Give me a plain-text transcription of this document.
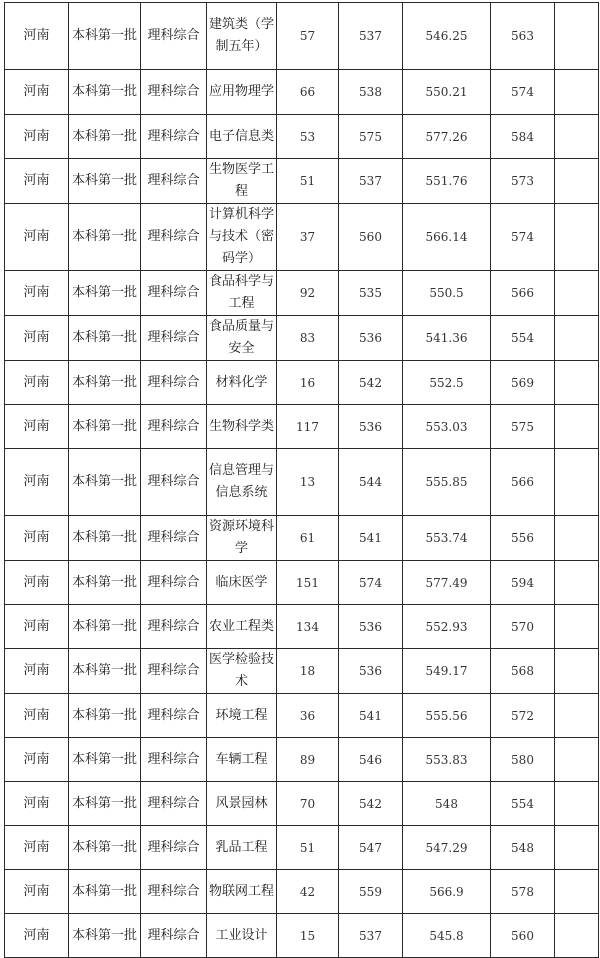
河南	本科第一批	理科综合	建筑类（学制五年）	57	537	546.25	563	
河南	本科第一批	理科综合	应用物理学	66	538	550.21	574	
河南	本科第一批	理科综合	电子信息类	53	575	577.26	584	
河南	本科第一批	理科综合	生物医学工程	51	537	551.76	573	
河南	本科第一批	理科综合	计算机科学与技术（密码学）	37	560	566.14	574	
河南	本科第一批	理科综合	食品科学与工程	92	535	550.5	566	
河南	本科第一批	理科综合	食品质量与安全	83	536	541.36	554	
河南	本科第一批	理科综合	材料化学	16	542	552.5	569	
河南	本科第一批	理科综合	生物科学类	117	536	553.03	575	
河南	本科第一批	理科综合	信息管理与信息系统	13	544	555.85	566	
河南	本科第一批	理科综合	资源环境科学	61	541	553.74	556	
河南	本科第一批	理科综合	临床医学	151	574	577.49	594	
河南	本科第一批	理科综合	农业工程类	134	536	552.93	570	
河南	本科第一批	理科综合	医学检验技术	18	536	549.17	568	
河南	本科第一批	理科综合	环境工程	36	541	555.56	572	
河南	本科第一批	理科综合	车辆工程	89	546	553.83	580	
河南	本科第一批	理科综合	风景园林	70	542	548	554	
河南	本科第一批	理科综合	乳品工程	51	547	547.29	548	
河南	本科第一批	理科综合	物联网工程	42	559	566.9	578	
河南	本科第一批	理科综合	工业设计	15	537	545.8	560	
